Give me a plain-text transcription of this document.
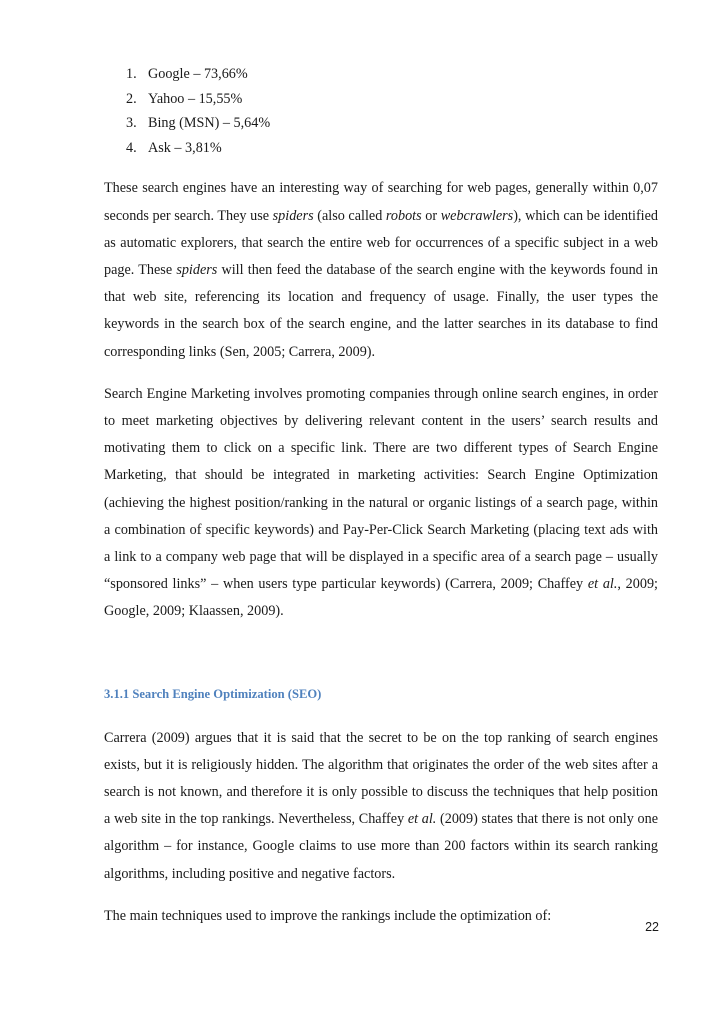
1. Google – 73,66%
2. Yahoo – 15,55%
3. Bing (MSN) – 5,64%
4. Ask – 3,81%

These search engines have an interesting way of searching for web pages, generally within 0,07 seconds per search. They use spiders (also called robots or webcrawlers), which can be identified as automatic explorers, that search the entire web for occurrences of a specific subject in a web page. These spiders will then feed the database of the search engine with the keywords found in that web site, referencing its location and frequency of usage. Finally, the user types the keywords in the search box of the search engine, and the latter searches in its database to find corresponding links (Sen, 2005; Carrera, 2009).

Search Engine Marketing involves promoting companies through online search engines, in order to meet marketing objectives by delivering relevant content in the users’ search results and motivating them to click on a specific link. There are two different types of Search Engine Marketing, that should be integrated in marketing activities: Search Engine Optimization (achieving the highest position/ranking in the natural or organic listings of a search page, within a combination of specific keywords) and Pay-Per-Click Search Marketing (placing text ads with a link to a company web page that will be displayed in a specific area of a search page – usually “sponsored links” – when users type particular keywords) (Carrera, 2009; Chaffey et al., 2009; Google, 2009; Klaassen, 2009).

3.1.1 Search Engine Optimization (SEO)

Carrera (2009) argues that it is said that the secret to be on the top ranking of search engines exists, but it is religiously hidden. The algorithm that originates the order of the web sites after a search is not known, and therefore it is only possible to discuss the techniques that help position a web site in the top rankings. Nevertheless, Chaffey et al. (2009) states that there is not only one algorithm – for instance, Google claims to use more than 200 factors within its search ranking algorithms, including positive and negative factors.

The main techniques used to improve the rankings include the optimization of:

22
